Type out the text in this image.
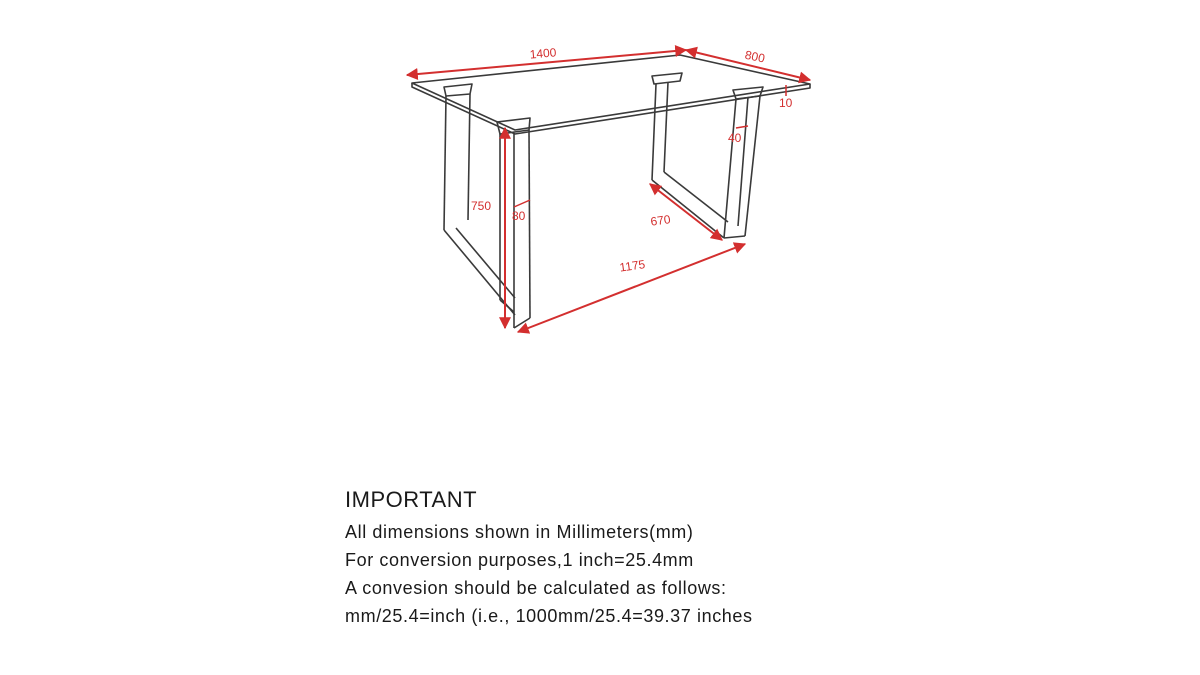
1400	800
10
40
750
80	670
1175

IMPORTANT

All dimensions shown in Millimeters(mm)

For conversion purposes,1 inch=25.4mm

A convesion should be calculated as follows:

mm/25.4=inch (i.e., 1000mm/25.4=39.37 inches
